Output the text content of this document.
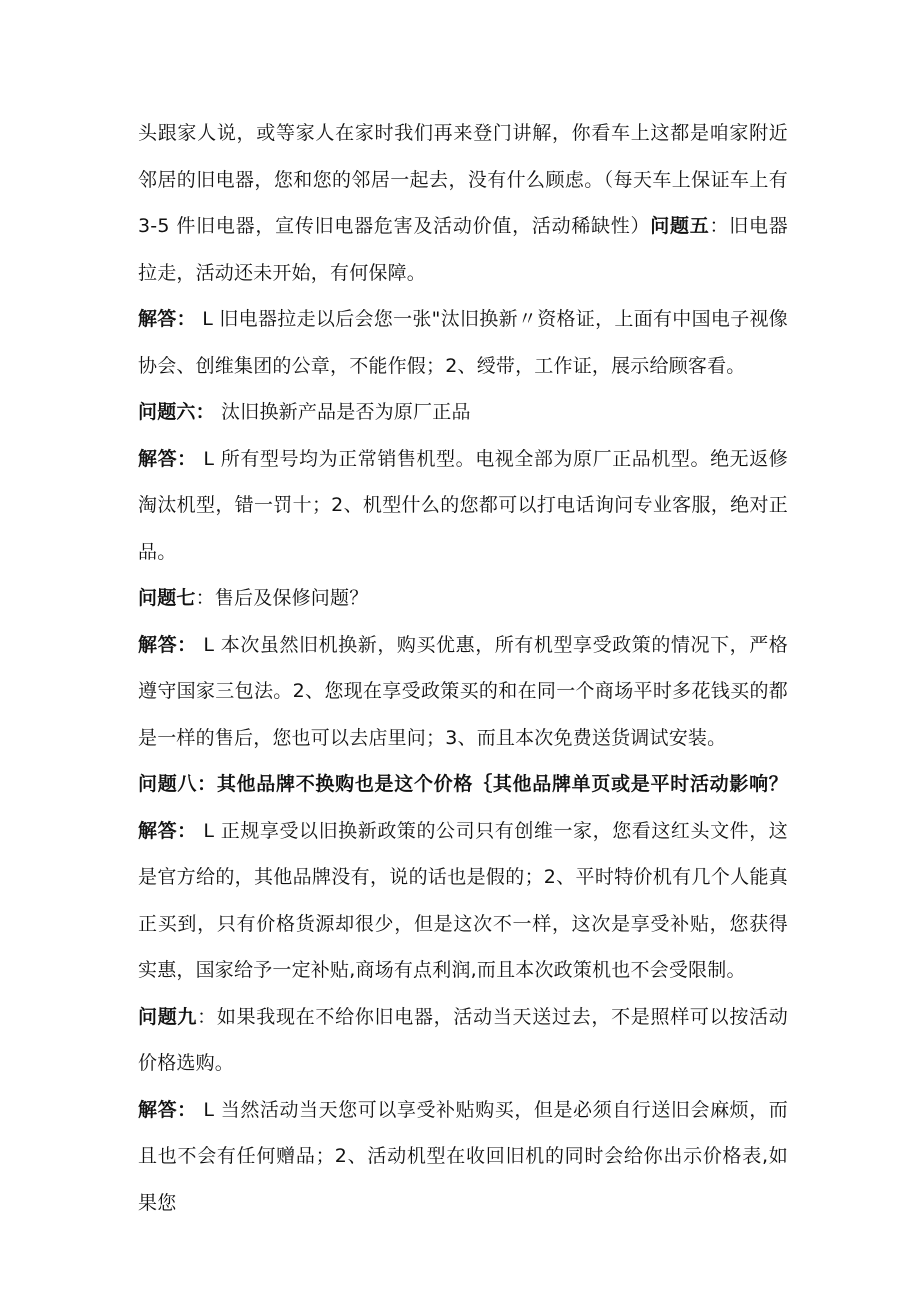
头跟家人说，或等家人在家时我们再来登门讲解，你看车上这都是咱家附近邻居的旧电器，您和您的邻居一起去，没有什么顾虑。（每天车上保证车上有 3-5 件旧电器，宣传旧电器危害及活动价值，活动稀缺性）问题五：旧电器拉走，活动还未开始，有何保障。

解答： L 旧电器拉走以后会您一张"汰旧换新〃资格证，上面有中国电子视像协会、创维集团的公章，不能作假；2、绶带，工作证，展示给顾客看。

问题六： 汰旧换新产品是否为原厂正品

解答： L 所有型号均为正常销售机型。电视全部为原厂正品机型。绝无返修淘汰机型，错一罚十；2、机型什么的您都可以打电话询问专业客服，绝对正品。

问题七：售后及保修问题？

解答： L 本次虽然旧机换新，购买优惠，所有机型享受政策的情况下，严格遵守国家三包法。2、您现在享受政策买的和在同一个商场平时多花钱买的都是一样的售后，您也可以去店里问；3、而且本次免费送货调试安装。

问题八：其他品牌不换购也是这个价格｛其他品牌单页或是平时活动影响？解答： L 正规享受以旧换新政策的公司只有创维一家，您看这红头文件，这是官方给的，其他品牌没有，说的话也是假的；2、平时特价机有几个人能真正买到，只有价格货源却很少，但是这次不一样，这次是享受补贴，您获得实惠，国家给予一定补贴,商场有点利润,而且本次政策机也不会受限制。

问题九：如果我现在不给你旧电器，活动当天送过去，不是照样可以按活动价格选购。

解答： L 当然活动当天您可以享受补贴购买，但是必须自行送旧会麻烦，而且也不会有任何赠品；2、活动机型在收回旧机的同时会给你出示价格表,如果您
